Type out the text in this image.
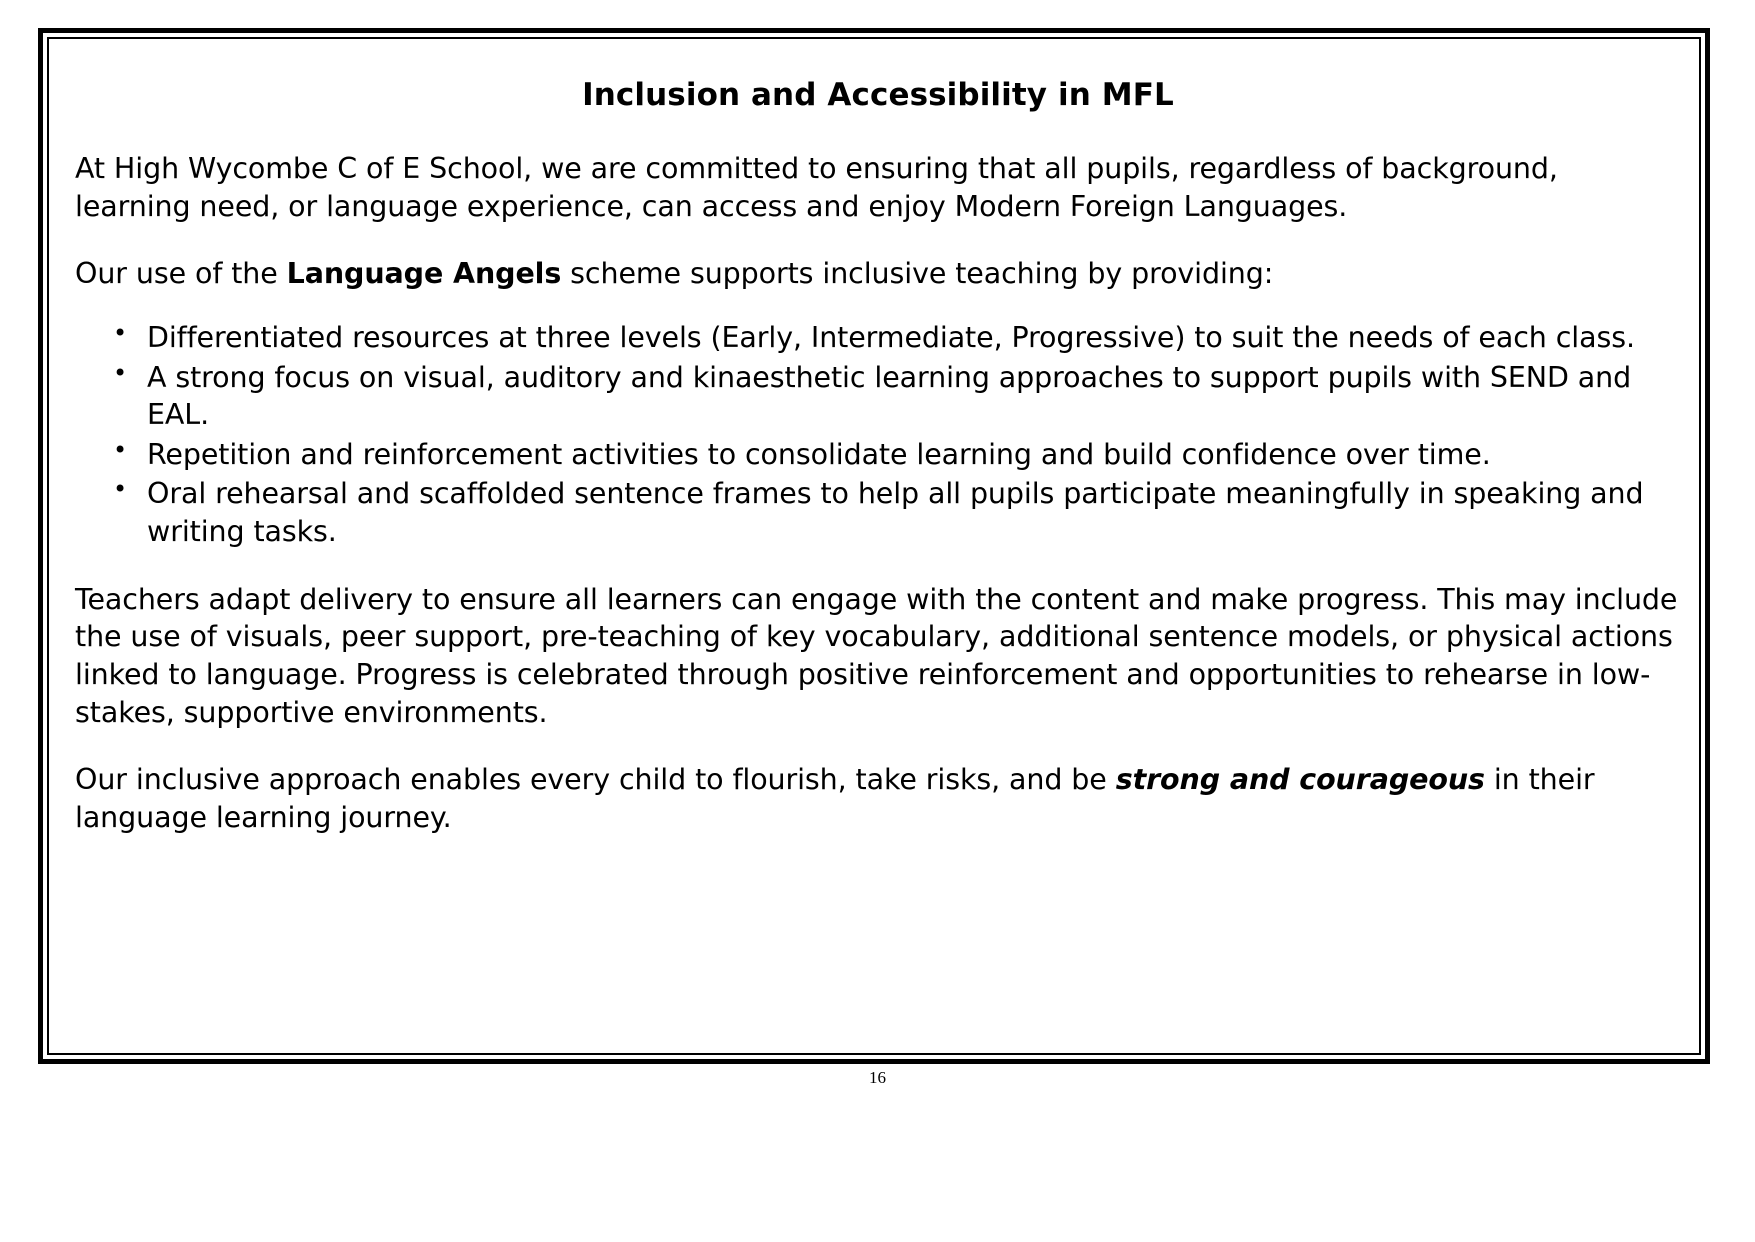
Inclusion and Accessibility in MFL

At High Wycombe C of E School, we are committed to ensuring that all pupils, regardless of background, learning need, or language experience, can access and enjoy Modern Foreign Languages.

Our use of the Language Angels scheme supports inclusive teaching by providing:

• Differentiated resources at three levels (Early, Intermediate, Progressive) to suit the needs of each class.
• A strong focus on visual, auditory and kinaesthetic learning approaches to support pupils with SEND and EAL.
• Repetition and reinforcement activities to consolidate learning and build confidence over time.
• Oral rehearsal and scaffolded sentence frames to help all pupils participate meaningfully in speaking and writing tasks.

Teachers adapt delivery to ensure all learners can engage with the content and make progress. This may include the use of visuals, peer support, pre-teaching of key vocabulary, additional sentence models, or physical actions linked to language. Progress is celebrated through positive reinforcement and opportunities to rehearse in low-stakes, supportive environments.

Our inclusive approach enables every child to flourish, take risks, and be strong and courageous in their language learning journey.

16
